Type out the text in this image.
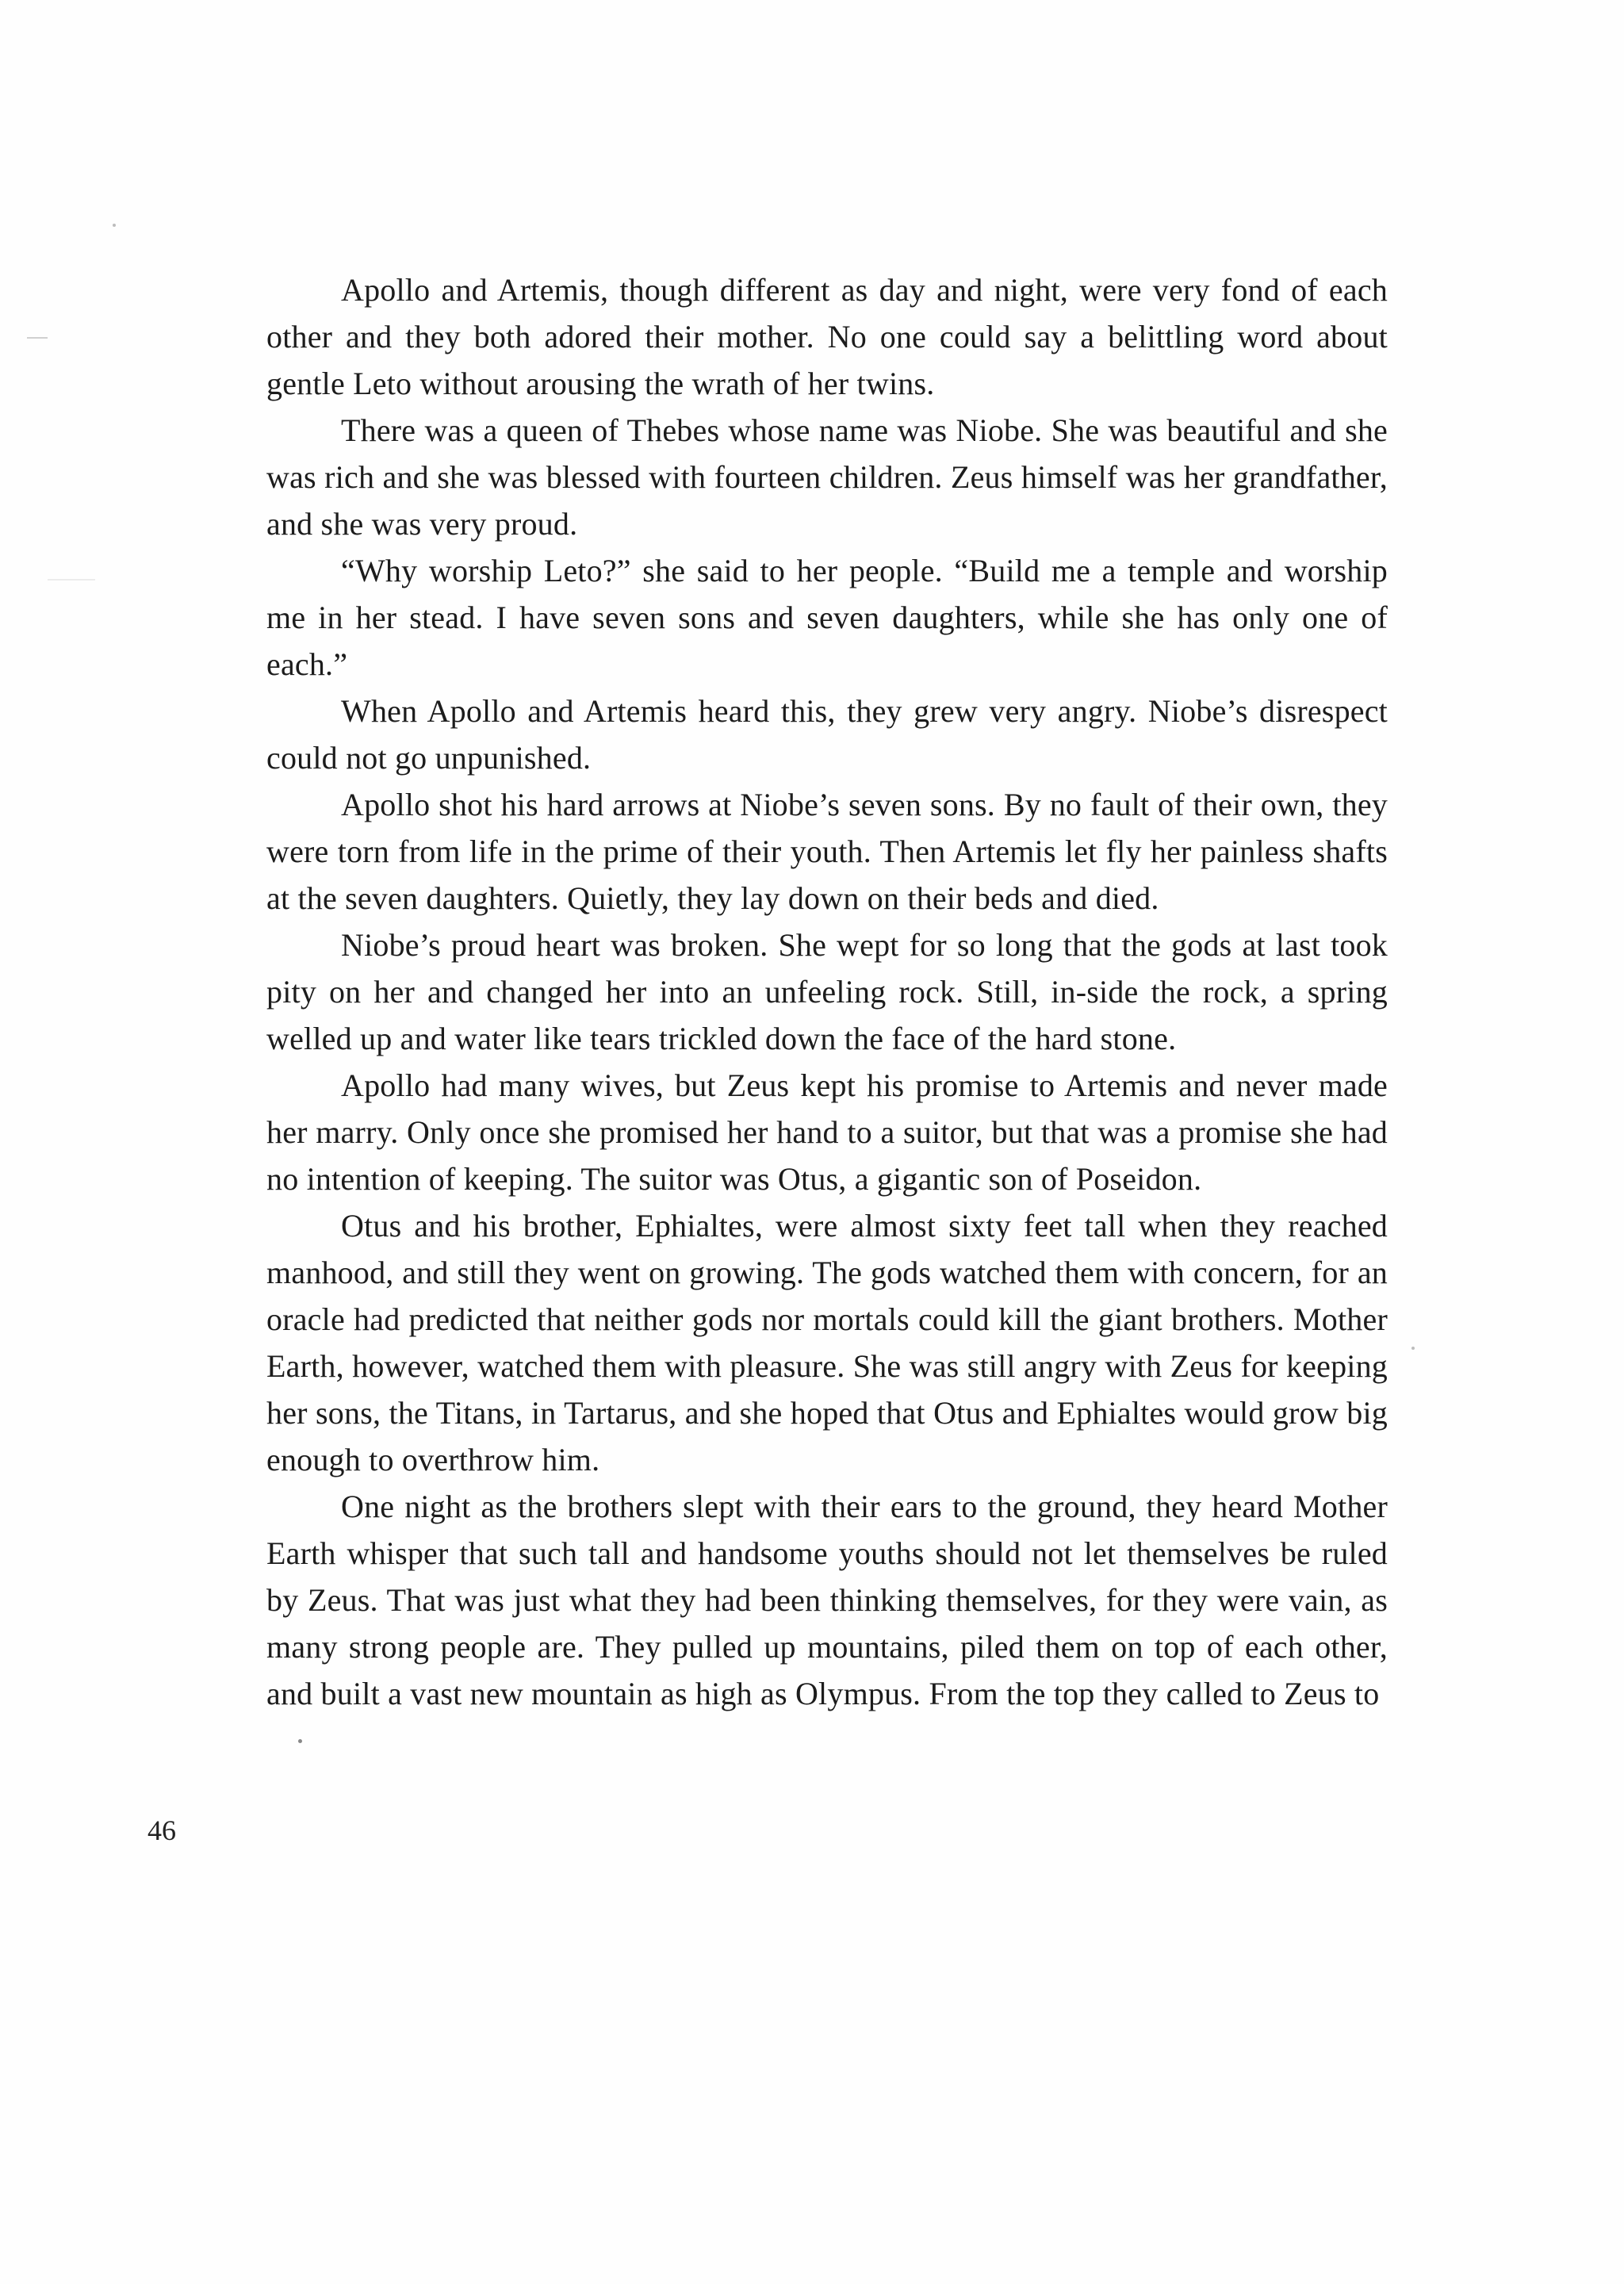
Apollo and Artemis, though different as day and night, were very fond of each other and they both adored their mother. No one could say a belittling word about gentle Leto without arousing the wrath of her twins.

There was a queen of Thebes whose name was Niobe. She was beautiful and she was rich and she was blessed with fourteen children. Zeus himself was her grandfather, and she was very proud.

“Why worship Leto?” she said to her people. “Build me a temple and worship me in her stead. I have seven sons and seven daughters, while she has only one of each.”

When Apollo and Artemis heard this, they grew very angry. Niobe’s disrespect could not go unpunished.

Apollo shot his hard arrows at Niobe’s seven sons. By no fault of their own, they were torn from life in the prime of their youth. Then Artemis let fly her painless shafts at the seven daughters. Quietly, they lay down on their beds and died.

Niobe’s proud heart was broken. She wept for so long that the gods at last took pity on her and changed her into an unfeeling rock. Still, in-side the rock, a spring welled up and water like tears trickled down the face of the hard stone.

Apollo had many wives, but Zeus kept his promise to Artemis and never made her marry. Only once she promised her hand to a suitor, but that was a promise she had no intention of keeping. The suitor was Otus, a gigantic son of Poseidon.

Otus and his brother, Ephialtes, were almost sixty feet tall when they reached manhood, and still they went on growing. The gods watched them with concern, for an oracle had predicted that neither gods nor mortals could kill the giant brothers. Mother Earth, however, watched them with pleasure. She was still angry with Zeus for keeping her sons, the Titans, in Tartarus, and she hoped that Otus and Ephialtes would grow big enough to overthrow him.

One night as the brothers slept with their ears to the ground, they heard Mother Earth whisper that such tall and handsome youths should not let themselves be ruled by Zeus. That was just what they had been thinking themselves, for they were vain, as many strong people are. They pulled up mountains, piled them on top of each other, and built a vast new mountain as high as Olympus. From the top they called to Zeus to

46
